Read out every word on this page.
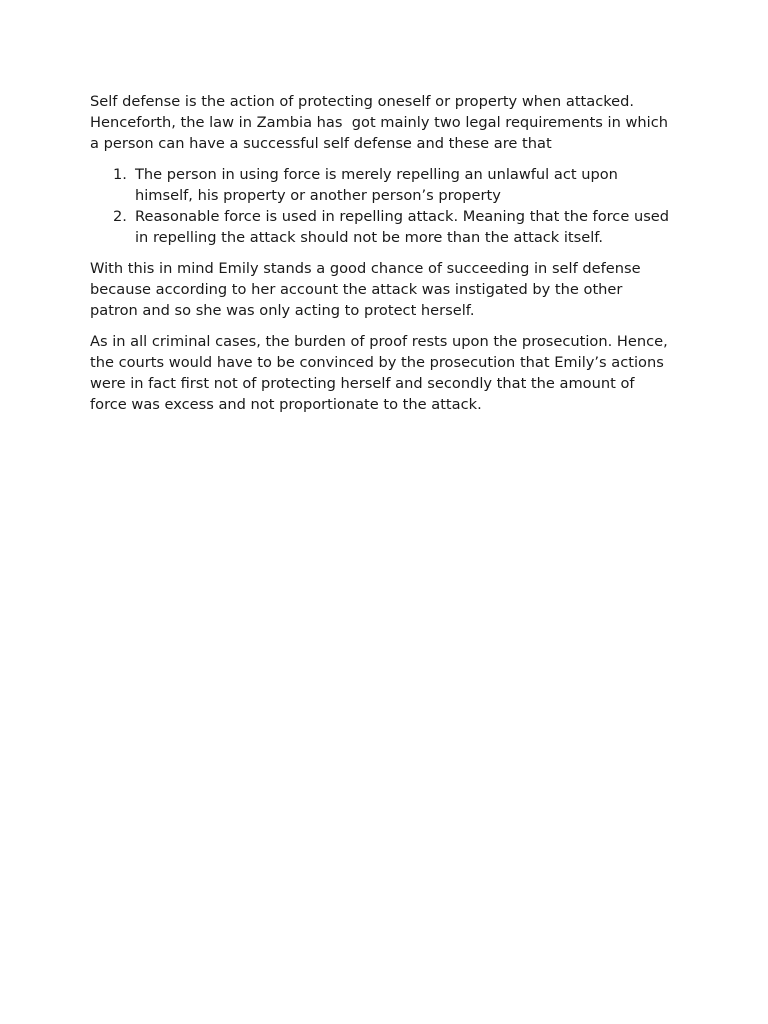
Self defense is the action of protecting oneself or property when attacked. Henceforth, the law in Zambia has  got mainly two legal requirements in which a person can have a successful self defense and these are that

1. The person in using force is merely repelling an unlawful act upon himself, his property or another person’s property
2. Reasonable force is used in repelling attack. Meaning that the force used in repelling the attack should not be more than the attack itself.

With this in mind Emily stands a good chance of succeeding in self defense because according to her account the attack was instigated by the other patron and so she was only acting to protect herself.

As in all criminal cases, the burden of proof rests upon the prosecution. Hence, the courts would have to be convinced by the prosecution that Emily’s actions were in fact first not of protecting herself and secondly that the amount of force was excess and not proportionate to the attack.
